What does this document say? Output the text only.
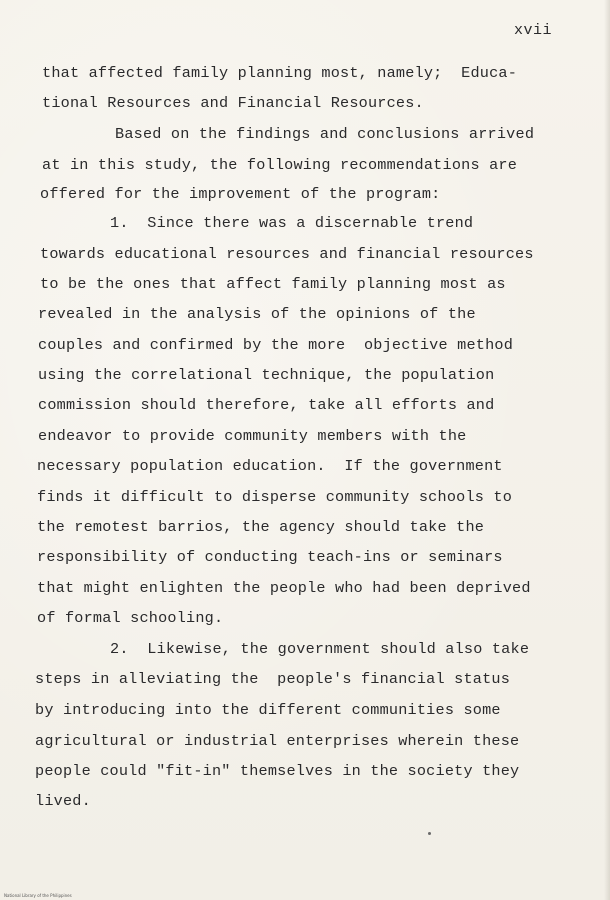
xvii
that affected family planning most, namely;  Educa-
tional Resources and Financial Resources.
Based on the findings and conclusions arrived
at in this study, the following recommendations are
offered for the improvement of the program:
1.  Since there was a discernable trend
towards educational resources and financial resources
to be the ones that affect family planning most as
revealed in the analysis of the opinions of the
couples and confirmed by the more  objective method
using the correlational technique, the population
commission should therefore, take all efforts and
endeavor to provide community members with the
necessary population education.  If the government
finds it difficult to disperse community schools to
the remotest barrios, the agency should take the
responsibility of conducting teach-ins or seminars
that might enlighten the people who had been deprived
of formal schooling.
2.  Likewise, the government should also take
steps in alleviating the  people's financial status
by introducing into the different communities some
agricultural or industrial enterprises wherein these
people could "fit-in" themselves in the society they
lived.
National Library of the Philippines
